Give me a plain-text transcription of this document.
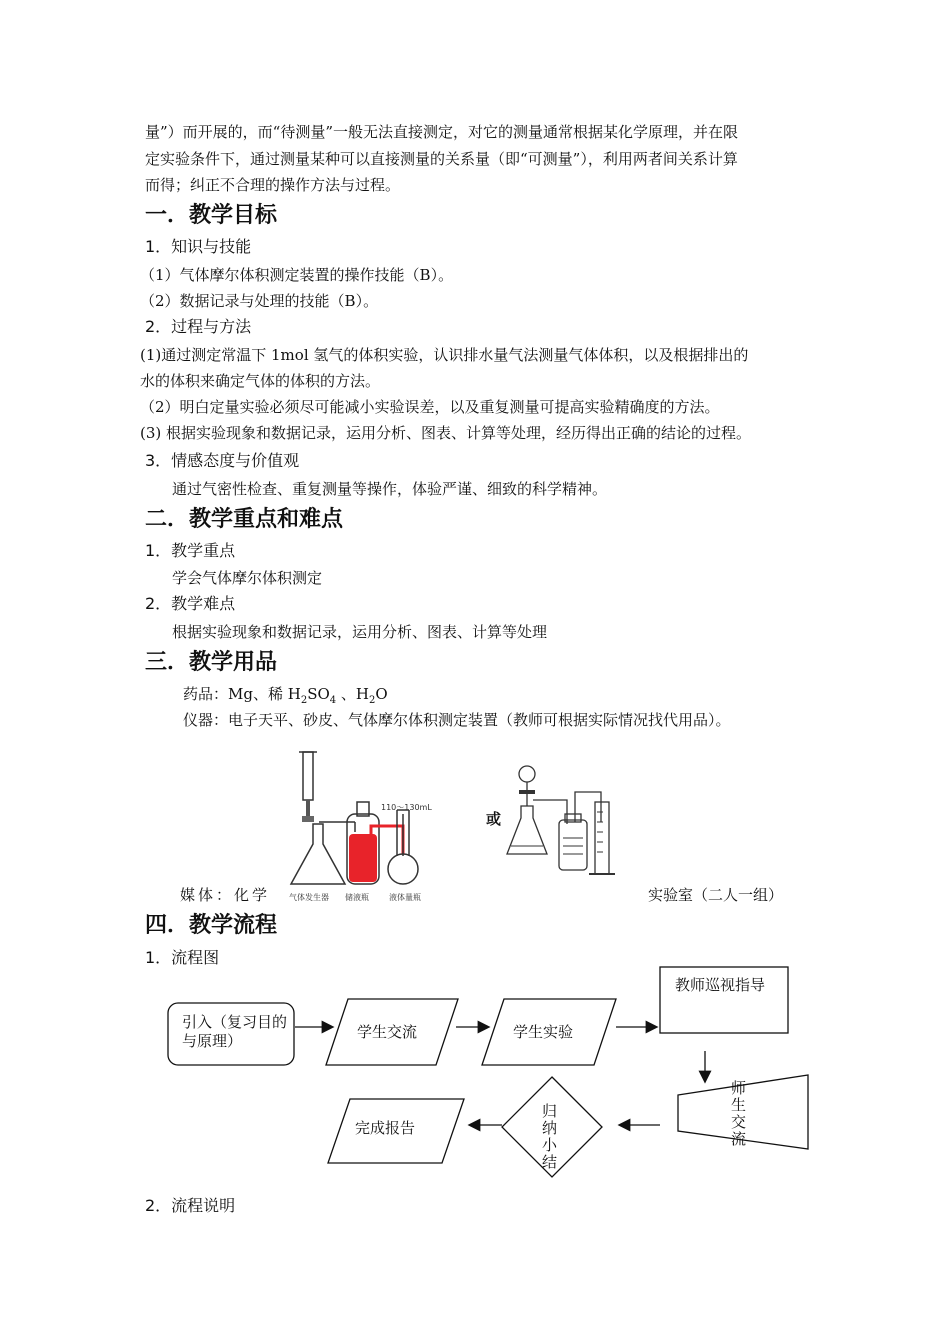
量”）而开展的，而“待测量”一般无法直接测定，对它的测量通常根据某化学原理，并在限
定实验条件下，通过测量某种可以直接测量的关系量（即“可测量”），利用两者间关系计算
而得；纠正不合理的操作方法与过程。
一．教学目标
1．知识与技能
（1）气体摩尔体积测定装置的操作技能（B）。
（2）数据记录与处理的技能（B）。
2．过程与方法
(1)通过测定常温下 1mol 氢气的体积实验，认识排水量气法测量气体体积，以及根据排出的
水的体积来确定气体的体积的方法。
（2）明白定量实验必须尽可能减小实验误差，以及重复测量可提高实验精确度的方法。
(3) 根据实验现象和数据记录，运用分析、图表、计算等处理，经历得出正确的结论的过程。
3．情感态度与价值观
通过气密性检查、重复测量等操作，体验严谨、细致的科学精神。
二．教学重点和难点
1．教学重点
学会气体摩尔体积测定
2．教学难点
根据实验现象和数据记录，运用分析、图表、计算等处理
三．教学用品
药品：Mg、稀 $H_2SO_4$ 、$H_2O$
仪器：电子天平、砂皮、气体摩尔体积测定装置（教师可根据实际情况找代用品）。
110～130mL
气体发生器 储液瓶	液体量瓶
或
媒体：化学	实验室（二人一组）
四．教学流程
1．流程图
引入（复习目的与原理）	学生交流	学生实验
教师巡视指导
师生交流
归纳小结
完成报告
2．流程说明
